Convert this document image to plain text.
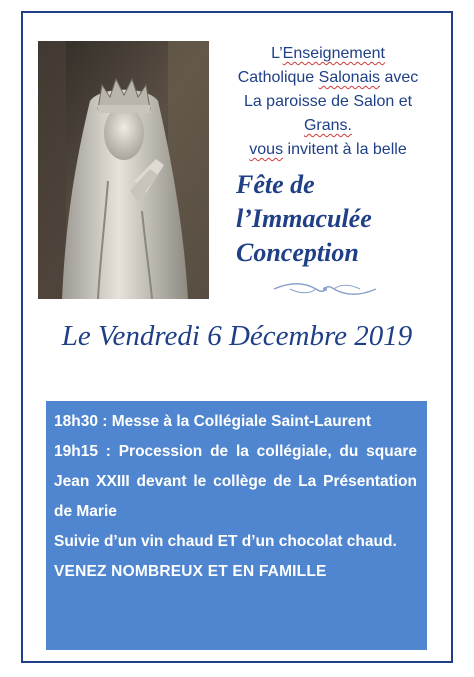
L’Enseignement
Catholique Salonais avec
La paroisse de Salon et
Grans.
vous invitent à la belle
Fête de
l’Immaculée
Conception
Le Vendredi 6 Décembre 2019

18h30 : Messe à la Collégiale Saint-Laurent

19h15 : Procession de la collégiale, du square Jean XXIII devant le collège de La Présentation de Marie

Suivie d’un vin chaud ET d’un chocolat chaud.

VENEZ NOMBREUX ET EN FAMILLE
